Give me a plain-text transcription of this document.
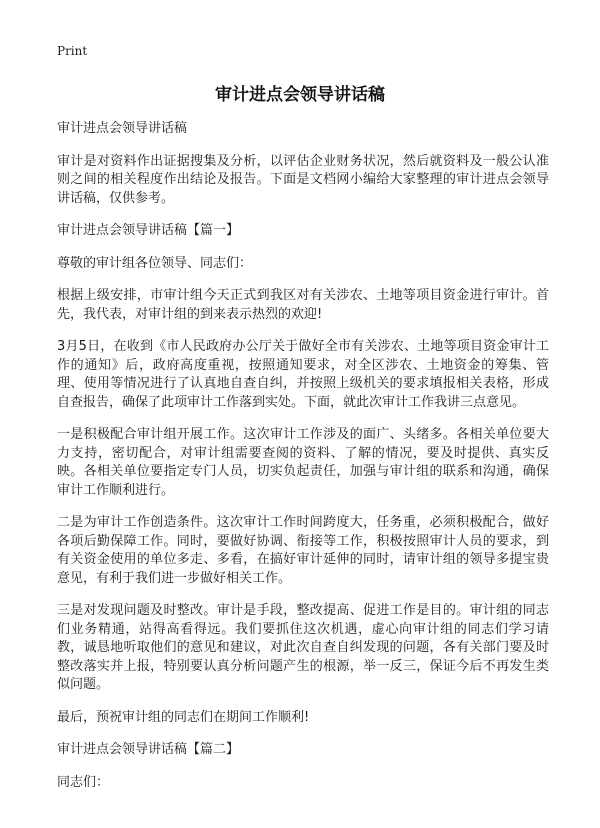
Print
审计进点会领导讲话稿

审计进点会领导讲话稿

审计是对资料作出证据搜集及分析，以评估企业财务状况，然后就资料及一般公认准则之间的相关程度作出结论及报告。下面是文档网小编给大家整理的审计进点会领导讲话稿，仅供参考。

审计进点会领导讲话稿【篇一】

尊敬的审计组各位领导、同志们：

根据上级安排，市审计组今天正式到我区对有关涉农、土地等项目资金进行审计。首先，我代表，对审计组的到来表示热烈的欢迎!

3月5日，在收到《市人民政府办公厅关于做好全市有关涉农、土地等项目资金审计工作的通知》后，政府高度重视，按照通知要求，对全区涉农、土地资金的筹集、管理、使用等情况进行了认真地自查自纠，并按照上级机关的要求填报相关表格，形成自查报告，确保了此项审计工作落到实处。下面，就此次审计工作我讲三点意见。

一是积极配合审计组开展工作。这次审计工作涉及的面广、头绪多。各相关单位要大力支持，密切配合，对审计组需要查阅的资料、了解的情况，要及时提供、真实反映。各相关单位要指定专门人员，切实负起责任，加强与审计组的联系和沟通，确保审计工作顺利进行。

二是为审计工作创造条件。这次审计工作时间跨度大，任务重，必须积极配合，做好各项后勤保障工作。同时，要做好协调、衔接等工作，积极按照审计人员的要求，到有关资金使用的单位多走、多看，在搞好审计延伸的同时，请审计组的领导多提宝贵意见，有利于我们进一步做好相关工作。

三是对发现问题及时整改。审计是手段，整改提高、促进工作是目的。审计组的同志们业务精通，站得高看得远。我们要抓住这次机遇，虚心向审计组的同志们学习请教，诚恳地听取他们的意见和建议，对此次自查自纠发现的问题，各有关部门要及时整改落实并上报，特别要认真分析问题产生的根源，举一反三，保证今后不再发生类似问题。

最后，预祝审计组的同志们在期间工作顺利!

审计进点会领导讲话稿【篇二】

同志们：
